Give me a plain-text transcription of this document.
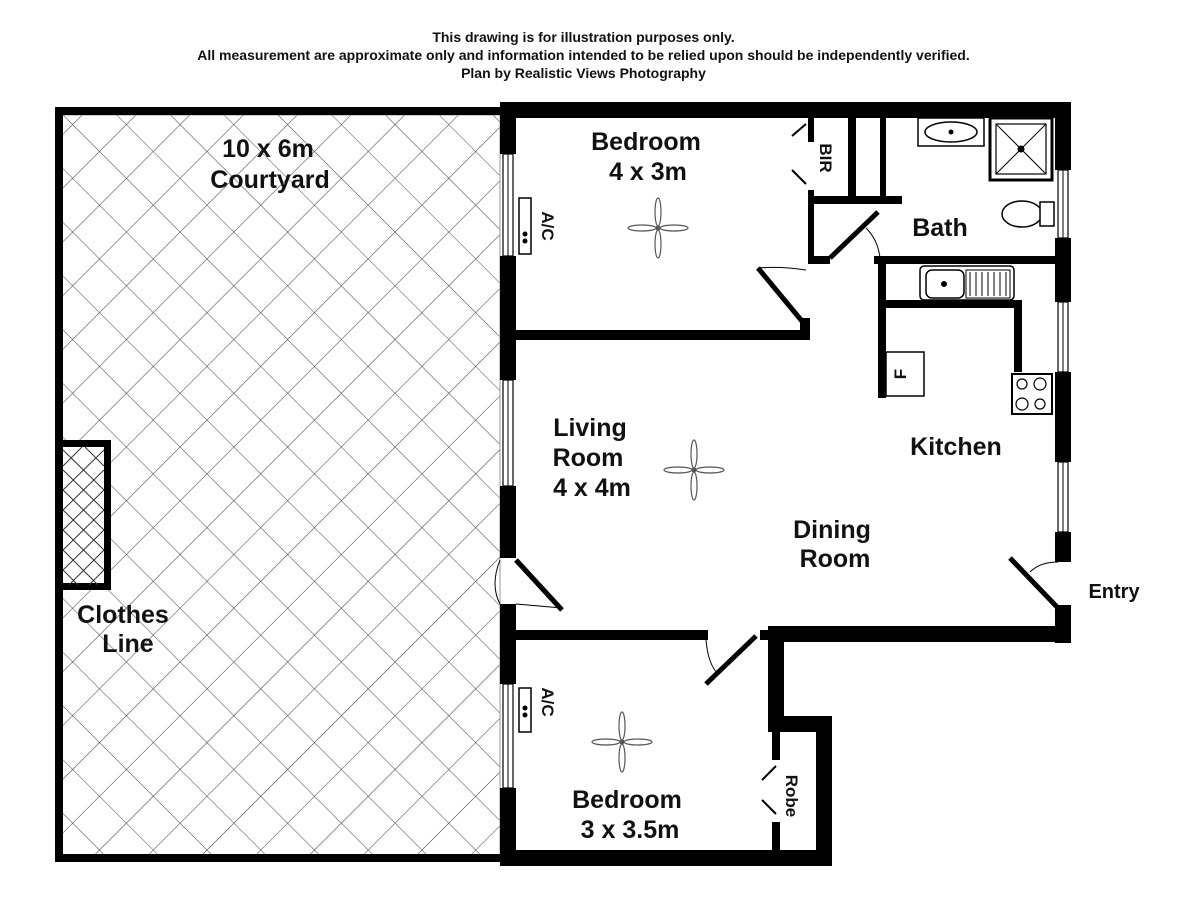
This drawing is for illustration purposes only.
All measurement are approximate only and information intended to be relied upon should be independently verified.
Plan by Realistic Views Photography
10 x 6m
Courtyard
Bedroom
4 x 3m	BIR
Bath
Living
Room
4 x 4m
Kitchen
Dining
Room
Entry
Clothes
Line
Bedroom
3 x 3.5m
Robe
A/C
A/C
F
